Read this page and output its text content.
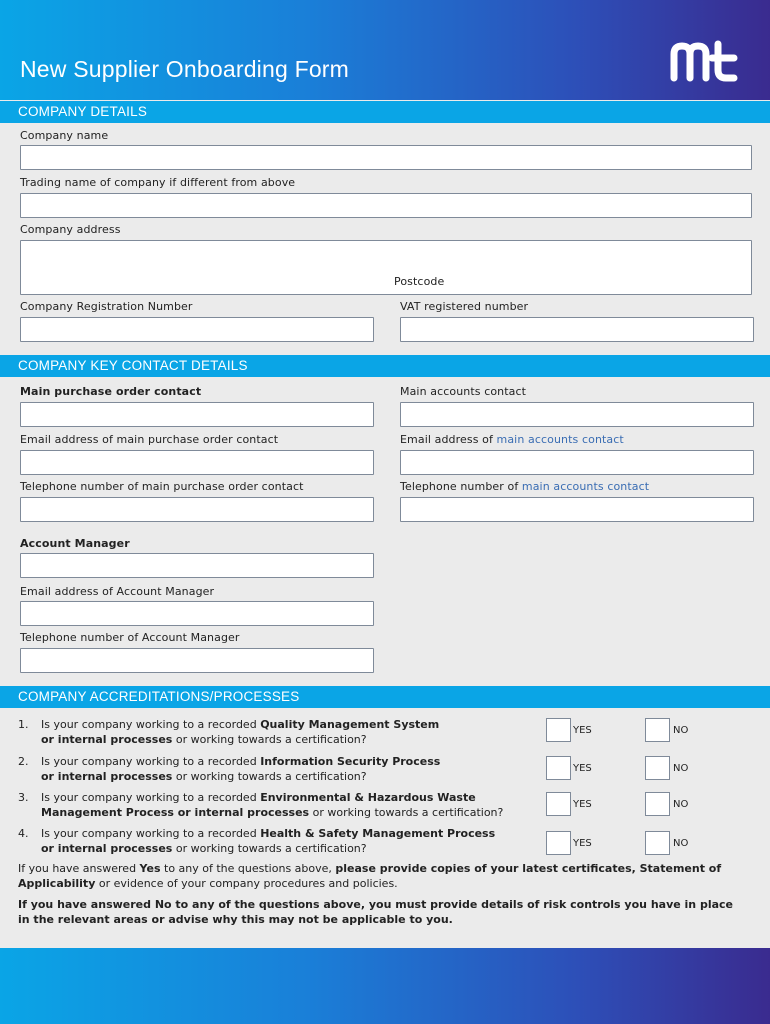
New Supplier Onboarding Form
COMPANY DETAILS
Company name
Trading name of company if different from above
Company address
Postcode
Company Registration Number	VAT registered number
COMPANY KEY CONTACT DETAILS
Main purchase order contact	Main accounts contact
Email address of main purchase order contact	Email address of main accounts contact
Telephone number of main purchase order contact	Telephone number of main accounts contact
Account Manager
Email address of Account Manager
Telephone number of Account Manager
COMPANY ACCREDITATIONS/PROCESSES
1. Is your company working to a recorded Quality Management System
or internal processes or working towards a certification?
YES	NO
2. Is your company working to a recorded Information Security Process
or internal processes or working towards a certification?
YES	NO
3. Is your company working to a recorded Environmental & Hazardous Waste
Management Process or internal processes or working towards a certification?
YES	NO
4. Is your company working to a recorded Health & Safety Management Process
or internal processes or working towards a certification?	YES	NO
If you have answered Yes to any of the questions above, please provide copies of your latest certificates, Statement of Applicability or evidence of your company procedures and policies.
If you have answered No to any of the questions above, you must provide details of risk controls you have in place in the relevant areas or advise why this may not be applicable to you.
